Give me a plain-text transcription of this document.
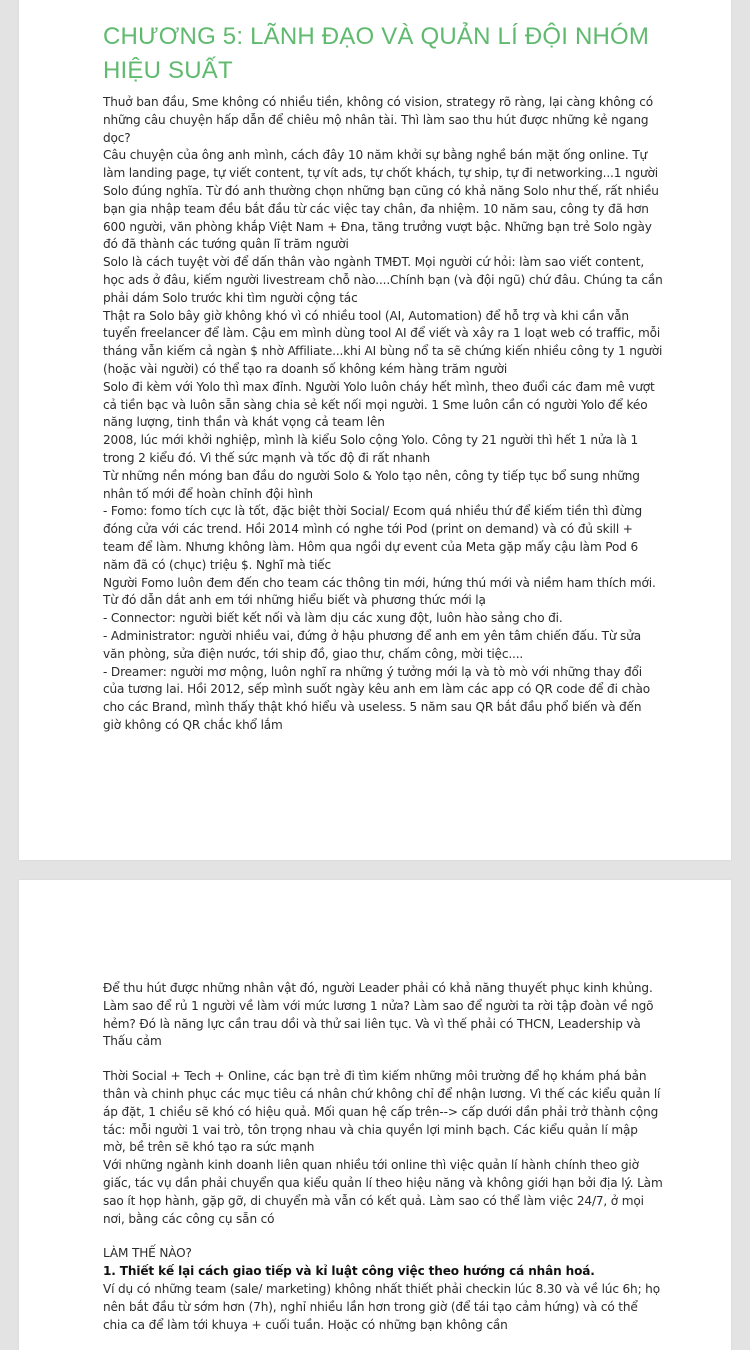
CHƯƠNG 5: LÃNH ĐẠO VÀ QUẢN LÍ ĐỘI NHÓM HIỆU SUẤT

Thuở ban đầu, Sme không có nhiều tiền, không có vision, strategy rõ ràng, lại càng không có những câu chuyện hấp dẫn để chiêu mộ nhân tài. Thì làm sao thu hút được những kẻ ngang dọc?

Câu chuyện của ông anh mình, cách đây 10 năm khởi sự bằng nghề bán mặt ống online. Tự làm landing page, tự viết content, tự vít ads, tự chốt khách, tự ship, tự đi networking...1 người Solo đúng nghĩa. Từ đó anh thường chọn những bạn cũng có khả năng Solo như thế, rất nhiều bạn gia nhập team đều bắt đầu từ các việc tay chân, đa nhiệm. 10 năm sau, công ty đã hơn 600 người, văn phòng khắp Việt Nam + Đna, tăng trưởng vượt bậc. Những bạn trẻ Solo ngày đó đã thành các tướng quân lĩ trăm người

Solo là cách tuyệt vời để dấn thân vào ngành TMĐT. Mọi người cứ hỏi: làm sao viết content, học ads ở đâu, kiếm người livestream chỗ nào....Chính bạn (và đội ngũ) chứ đâu. Chúng ta cần phải dám Solo trước khi tìm người cộng tác

Thật ra Solo bây giờ không khó vì có nhiều tool (AI, Automation) để hỗ trợ và khi cần vẫn tuyển freelancer để làm. Cậu em mình dùng tool AI để viết và xây ra 1 loạt web có traffic, mỗi tháng vẫn kiếm cả ngàn $ nhờ Affiliate...khi AI bùng nổ ta sẽ chứng kiến nhiều công ty 1 người (hoặc vài người) có thể tạo ra doanh số không kém hàng trăm người

Solo đi kèm với Yolo thì max đỉnh. Người Yolo luôn cháy hết mình, theo đuổi các đam mê vượt cả tiền bạc và luôn sẵn sàng chia sẻ kết nối mọi người. 1 Sme luôn cần có người Yolo để kéo năng lượng, tinh thần và khát vọng cả team lên

2008, lúc mới khởi nghiệp, mình là kiểu Solo cộng Yolo. Công ty 21 người thì hết 1 nửa là 1 trong 2 kiểu đó. Vì thế sức mạnh và tốc độ đi rất nhanh

Từ những nền móng ban đầu do người Solo & Yolo tạo nên, công ty tiếp tục bổ sung những nhân tố mới để hoàn chỉnh đội hình

- Fomo: fomo tích cực là tốt, đặc biệt thời Social/ Ecom quá nhiều thứ để kiếm tiền thì đừng đóng cửa với các trend. Hồi 2014 mình có nghe tới Pod (print on demand) và có đủ skill + team để làm. Nhưng không làm. Hôm qua ngồi dự event của Meta gặp mấy cậu làm Pod 6 năm đã có (chục) triệu $. Nghĩ mà tiếc

Người Fomo luôn đem đến cho team các thông tin mới, hứng thú mới và niềm ham thích mới. Từ đó dẫn dắt anh em tới những hiểu biết và phương thức mới lạ

- Connector: người biết kết nối và làm dịu các xung đột, luôn hào sảng cho đi.

- Administrator: người nhiều vai, đứng ở hậu phương để anh em yên tâm chiến đấu. Từ sửa văn phòng, sửa điện nước, tới ship đồ, giao thư, chấm công, mời tiệc....

- Dreamer: người mơ mộng, luôn nghĩ ra những ý tưởng mới lạ và tò mò với những thay đổi của tương lai. Hồi 2012, sếp mình suốt ngày kêu anh em làm các app có QR code để đi chào cho các Brand, mình thấy thật khó hiểu và useless. 5 năm sau QR bắt đầu phổ biến và đến giờ không có QR chắc khổ lắm

Để thu hút được những nhân vật đó, người Leader phải có khả năng thuyết phục kinh khủng. Làm sao để rủ 1 người về làm với mức lương 1 nửa? Làm sao để người ta rời tập đoàn về ngõ hẻm? Đó là năng lực cần trau dồi và thử sai liên tục. Và vì thế phải có THCN, Leadership và Thấu cảm

Thời Social + Tech + Online, các bạn trẻ đi tìm kiếm những môi trường để họ khám phá bản thân và chinh phục các mục tiêu cá nhân chứ không chỉ để nhận lương. Vì thế các kiểu quản lí áp đặt, 1 chiều sẽ khó có hiệu quả. Mối quan hệ cấp trên--> cấp dưới dần phải trở thành cộng tác: mỗi người 1 vai trò, tôn trọng nhau và chia quyền lợi minh bạch. Các kiểu quản lí mập mờ, bề trên sẽ khó tạo ra sức mạnh

Với những ngành kinh doanh liên quan nhiều tới online thì việc quản lí hành chính theo giờ giấc, tác vụ dần phải chuyển qua kiểu quản lí theo hiệu năng và không giới hạn bởi địa lý. Làm sao ít họp hành, gặp gỡ, di chuyển mà vẫn có kết quả. Làm sao có thể làm việc 24/7, ở mọi nơi, bằng các công cụ sẵn có

LÀM THẾ NÀO?

1. Thiết kế lại cách giao tiếp và kỉ luật công việc theo hướng cá nhân hoá.

Ví dụ có những team (sale/ marketing) không nhất thiết phải checkin lúc 8.30 và về lúc 6h; họ nên bắt đầu từ sớm hơn (7h), nghỉ nhiều lần hơn trong giờ (để tái tạo cảm hứng) và có thể chia ca để làm tới khuya + cuối tuần. Hoặc có những bạn không cần
